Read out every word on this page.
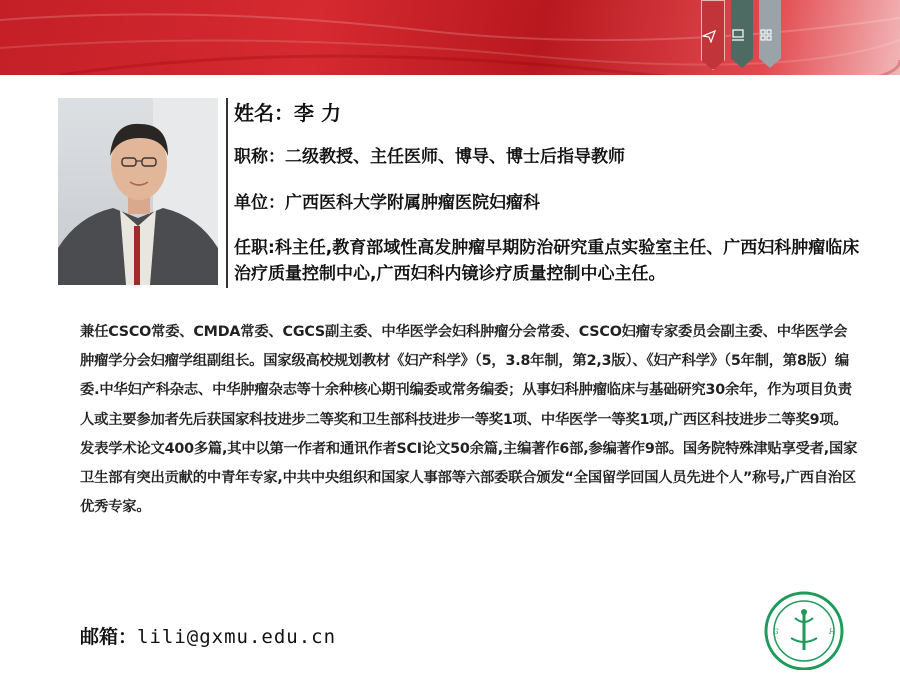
姓名：李 力
职称：二级教授、主任医师、博导、博士后指导教师
单位：广西医科大学附属肿瘤医院妇瘤科
任职:科主任,教育部域性高发肿瘤早期防治研究重点实验室主任、广西妇科肿瘤临床治疗质量控制中心,广西妇科内镜诊疗质量控制中心主任。
兼任CSCO常委、CMDA常委、CGCS副主委、中华医学会妇科肿瘤分会常委、CSCO妇瘤专家委员会副主委、中华医学会肿瘤学分会妇瘤学组副组长。国家级高校规划教材《妇产科学》（5，3.8年制，第2,3版）、《妇产科学》（5年制，第8版）编委.中华妇产科杂志、中华肿瘤杂志等十余种核心期刊编委或常务编委；从事妇科肿瘤临床与基础研究30余年，作为项目负责人或主要参加者先后获国家科技进步二等奖和卫生部科技进步一等奖1项、中华医学一等奖1项,广西区科技进步二等奖9项。发表学术论文400多篇,其中以第一作者和通讯作者SCI论文50余篇,主编著作6部,参编著作9部。国务院特殊津贴享受者,国家卫生部有突出贡献的中青年专家,中共中央组织和国家人事部等六部委联合颁发“全国留学回国人员先进个人”称号,广西自治区优秀专家。
邮箱：lili@gxmu.edu.cn	G	H
